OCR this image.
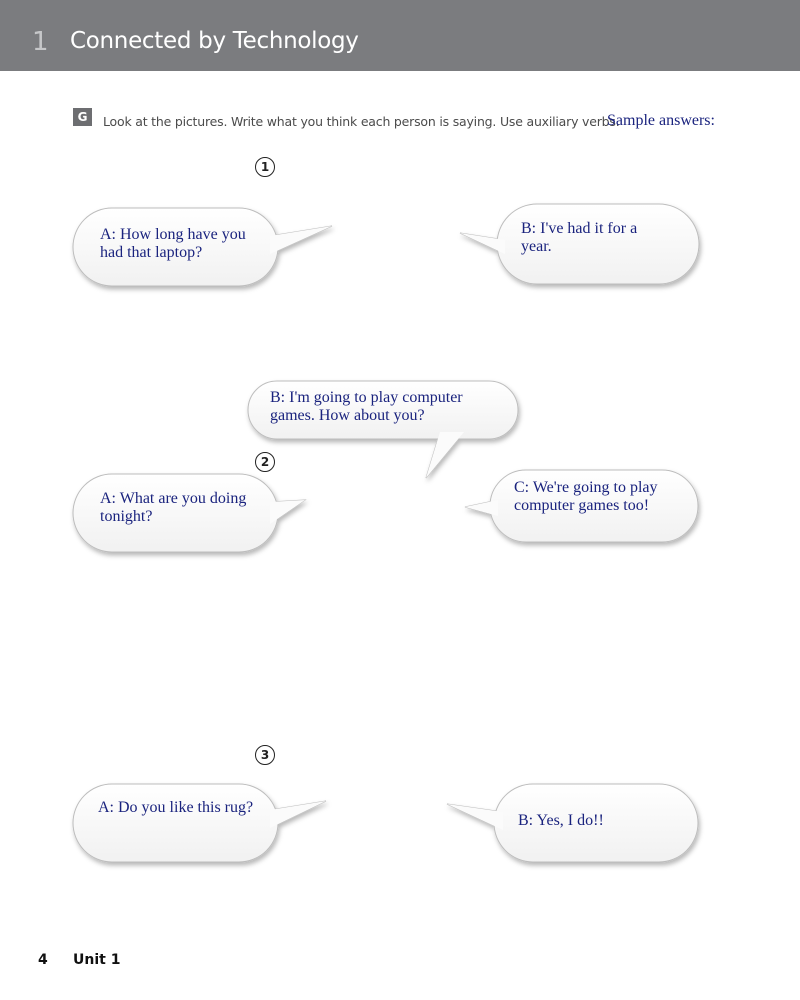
1 Connected by Technology
G	Look at the pictures. Write what you think each person is saying. Use auxiliary verbs.
Sample answers:
1
2
3

A: How long have you
had that laptop?

B: I've had it for a
year.

B: I'm going to play computer
games. How about you?

A: What are you doing
tonight?

C: We're going to play
computer games too!

A: Do you like this rug?

B: Yes, I do!!

4 Unit 1
